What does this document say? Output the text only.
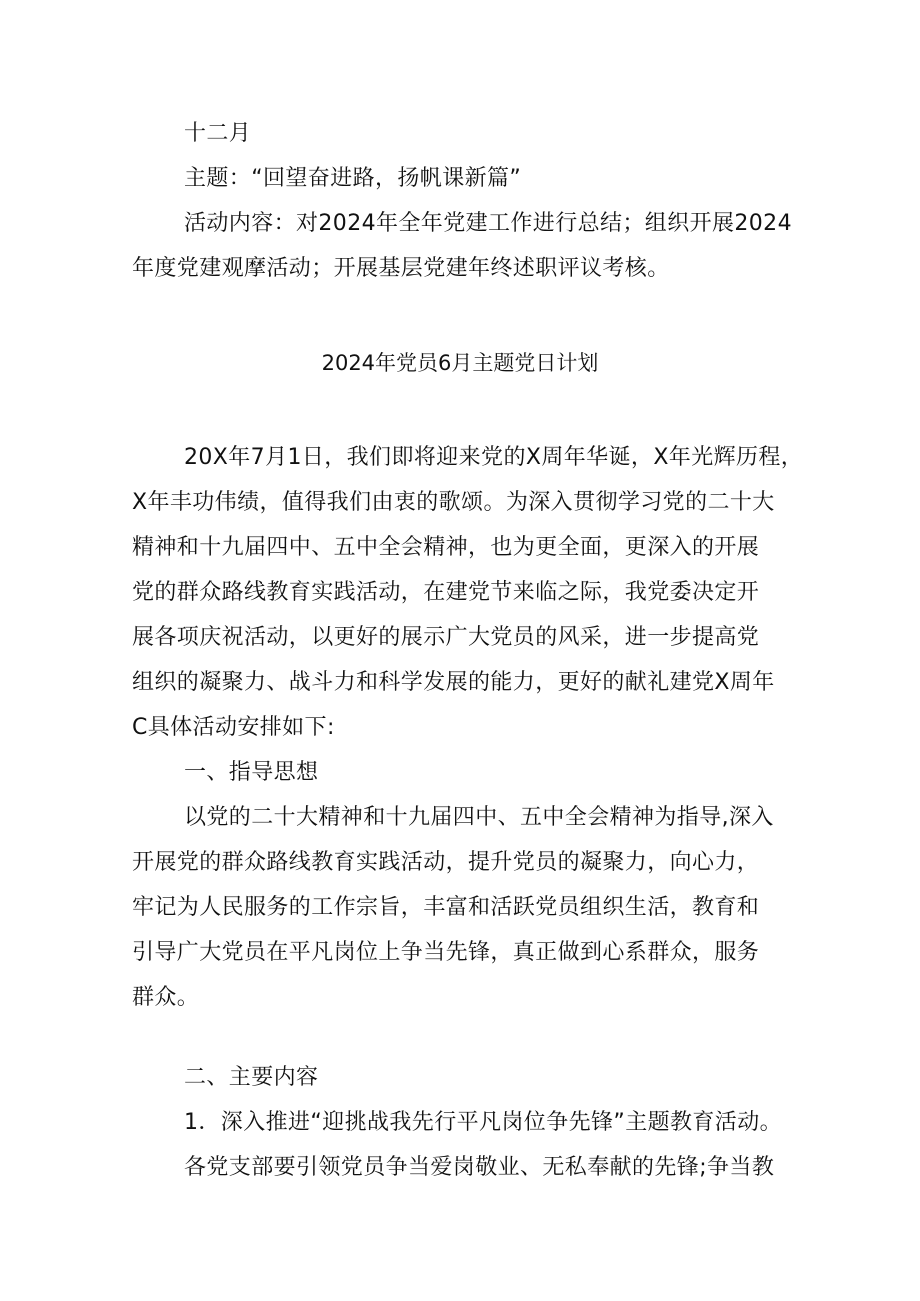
十二月
主题：“回望奋进路，扬帆课新篇”
活动内容：对2024年全年党建工作进行总结；组织开展2024
年度党建观摩活动；开展基层党建年终述职评议考核。
2024年党员6月主题党日计划
20X年7月1日，我们即将迎来党的X周年华诞，X年光辉历程，
X年丰功伟绩，值得我们由衷的歌颂。为深入贯彻学习党的二十大
精神和十九届四中、五中全会精神，也为更全面，更深入的开展
党的群众路线教育实践活动，在建党节来临之际，我党委决定开
展各项庆祝活动，以更好的展示广大党员的风采，进一步提高党
组织的凝聚力、战斗力和科学发展的能力，更好的献礼建党X周年
C具体活动安排如下:
一、指导思想
以党的二十大精神和十九届四中、五中全会精神为指导,深入
开展党的群众路线教育实践活动，提升党员的凝聚力，向心力，
牢记为人民服务的工作宗旨，丰富和活跃党员组织生活，教育和
引导广大党员在平凡岗位上争当先锋，真正做到心系群众，服务
群众。
二、主要内容
1．深入推进“迎挑战我先行平凡岗位争先锋”主题教育活动。
各党支部要引领党员争当爱岗敬业、无私奉献的先锋;争当教
